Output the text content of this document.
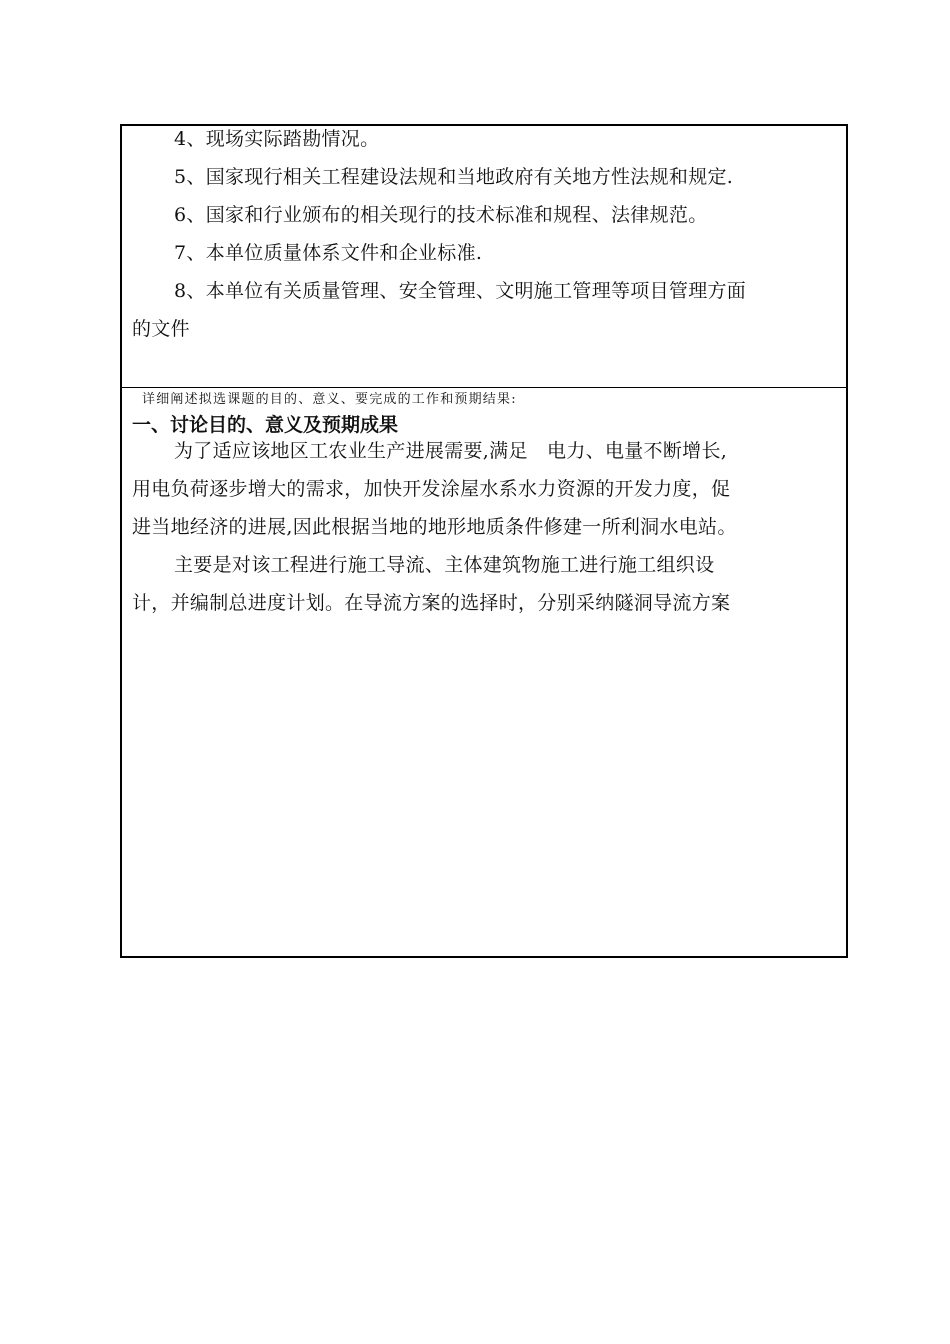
4、现场实际踏勘情况。
5、国家现行相关工程建设法规和当地政府有关地方性法规和规定.
6、国家和行业颁布的相关现行的技术标准和规程、法律规范。
7、本单位质量体系文件和企业标准.
8、本单位有关质量管理、安全管理、文明施工管理等项目管理方面
的文件
详细阐述拟选课题的目的、意义、要完成的工作和预期结果:
一、讨论目的、意义及预期成果
为了适应该地区工农业生产进展需要,满足　电力、电量不断增长,
用电负荷逐步增大的需求，加快开发涂屋水系水力资源的开发力度，促
进当地经济的进展,因此根据当地的地形地质条件修建一所利洞水电站。
主要是对该工程进行施工导流、主体建筑物施工进行施工组织设
计，并编制总进度计划。在导流方案的选择时，分别采纳隧洞导流方案
